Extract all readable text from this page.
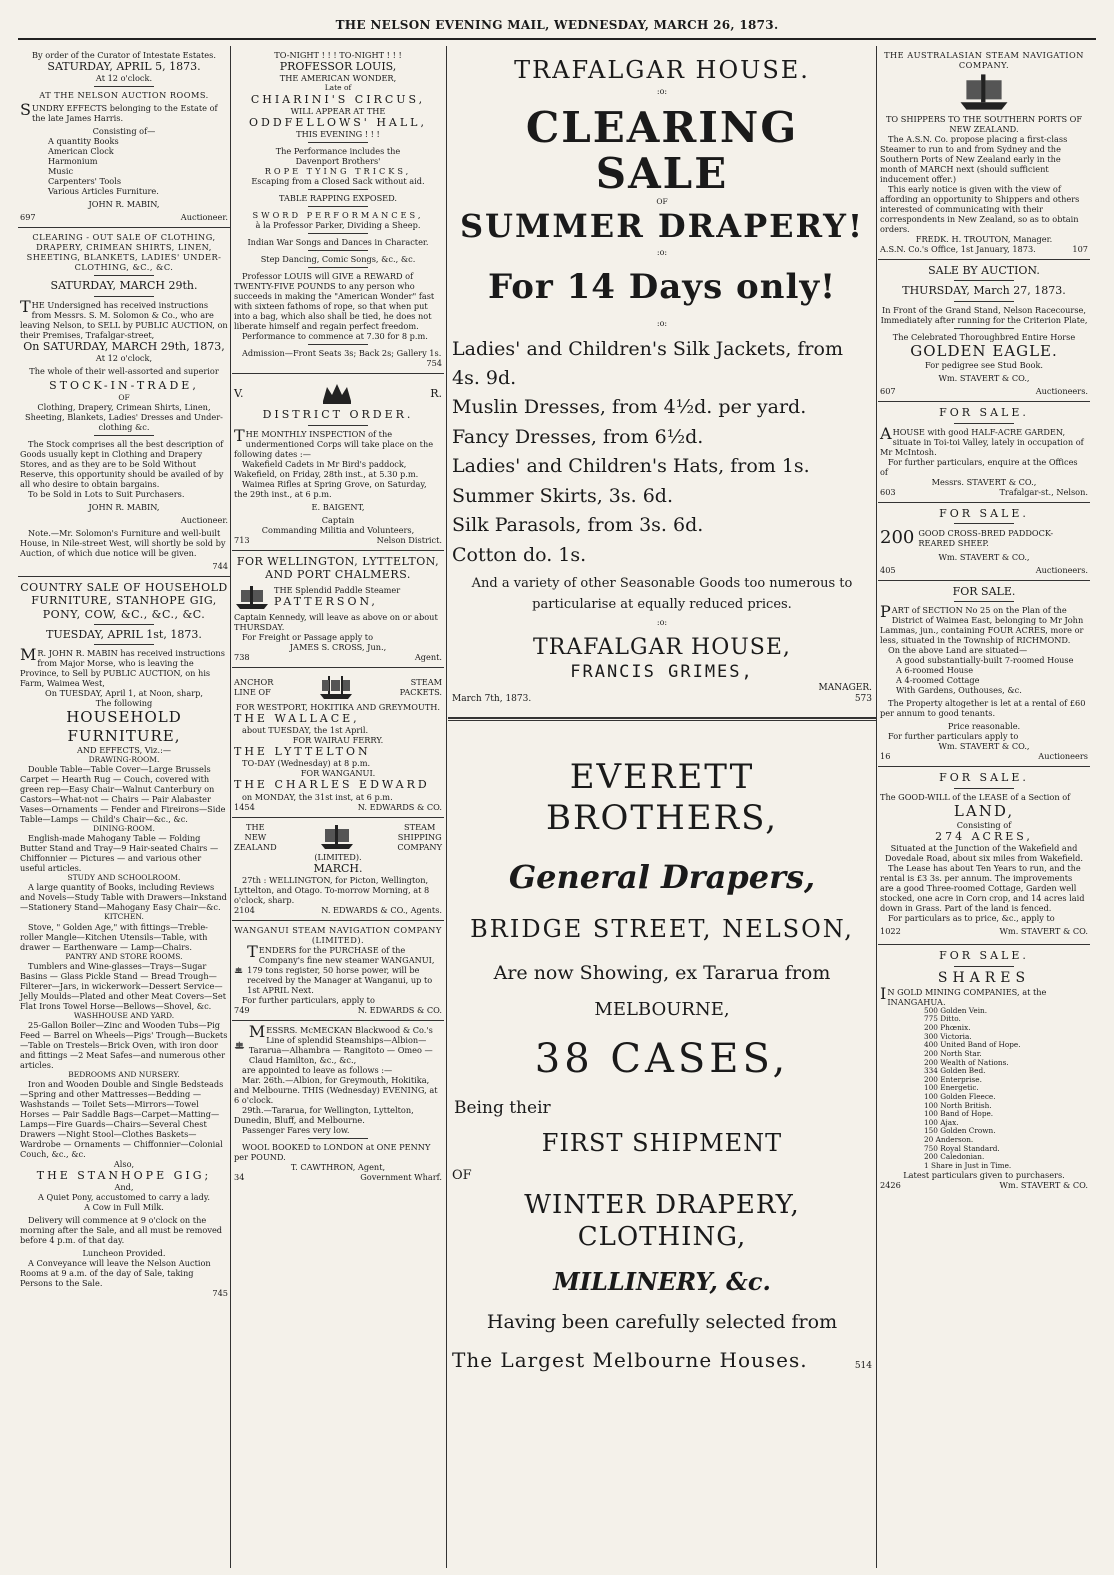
THE NELSON EVENING MAIL, WEDNESDAY, MARCH 26, 1873.
By order of the Curator of Intestate Estates.
SATURDAY, APRIL 5, 1873.
At 12 o'clock.
AT THE NELSON AUCTION ROOMS.
SUNDRY EFFECTS belonging to the Estate of the late James Harris.
Consisting of—
A quantity Books
American Clock
Harmonium
Music
Carpenters' Tools
Various Articles Furniture.
JOHN R. MABIN,
697	Auctioneer.
CLEARING - OUT SALE OF CLOTHING, DRAPERY, CRIMEAN SHIRTS, LINEN, SHEETING, BLANKETS, LADIES' UNDER-CLOTHING, &C., &C.
SATURDAY, MARCH 29th.
THE Undersigned has received instructions from Messrs. S. M. Solomon & Co., who are leaving Nelson, to SELL by PUBLIC AUCTION, on their Premises, Trafalgar-street,
On SATURDAY, MARCH 29th, 1873,
At 12 o'clock,
The whole of their well-assorted and superior
STOCK-IN-TRADE,
OF
Clothing, Drapery, Crimean Shirts, Linen, Sheeting, Blankets, Ladies' Dresses and Under-clothing &c.
The Stock comprises all the best description of Goods usually kept in Clothing and Drapery Stores, and as they are to be Sold Without Reserve, this opportunity should be availed of by all who desire to obtain bargains.
To be Sold in Lots to Suit Purchasers.
JOHN R. MABIN,
Auctioneer.
Note.—Mr. Solomon's Furniture and well-built House, in Nile-street West, will shortly be sold by Auction, of which due notice will be given.
744
COUNTRY SALE OF HOUSEHOLD FURNITURE, STANHOPE GIG, PONY, COW, &C., &C., &C.
TUESDAY, APRIL 1st, 1873.
MR. JOHN R. MABIN has received instructions from Major Morse, who is leaving the Province, to Sell by PUBLIC AUCTION, on his Farm, Waimea West,
On TUESDAY, April 1, at Noon, sharp,
The following
HOUSEHOLD FURNITURE,
AND EFFECTS, Viz.:—
DRAWING-ROOM.
Double Table—Table Cover—Large Brussels Carpet — Hearth Rug — Couch, covered with green rep—Easy Chair—Walnut Canterbury on Castors—What-not — Chairs — Pair Alabaster Vases—Ornaments — Fender and Fireirons—Side Table—Lamps — Child's Chair—&c., &c.
DINING-ROOM.
English-made Mahogany Table — Folding Butter Stand and Tray—9 Hair-seated Chairs — Chiffonnier — Pictures — and various other useful articles.
STUDY AND SCHOOLROOM.
A large quantity of Books, including Reviews and Novels—Study Table with Drawers—Inkstand—Stationery Stand—Mahogany Easy Chair—&c.
KITCHEN.
Stove, " Golden Age," with fittings—Treble-roller Mangle—Kitchen Utensils—Table, with drawer — Earthenware — Lamp—Chairs.
PANTRY AND STORE ROOMS.
Tumblers and Wine-glasses—Trays—Sugar Basins — Glass Pickle Stand — Bread Trough—Filterer—Jars, in wickerwork—Dessert Service—Jelly Moulds—Plated and other Meat Covers—Set Flat Irons Towel Horse—Bellows—Shovel, &c.
WASHHOUSE AND YARD.
25-Gallon Boiler—Zinc and Wooden Tubs—Pig Feed — Barrel on Wheels—Pigs' Trough—Buckets—Table on Trestels—Brick Oven, with iron door and fittings —2 Meat Safes—and numerous other articles.
BEDROOMS AND NURSERY.
Iron and Wooden Double and Single Bedsteads—Spring and other Mattresses—Bedding — Washstands — Toilet Sets—Mirrors—Towel Horses — Pair Saddle Bags—Carpet—Matting—Lamps—Fire Guards—Chairs—Several Chest Drawers —Night Stool—Clothes Baskets—Wardrobe — Ornaments — Chiffonnier—Colonial Couch, &c., &c.
Also,
THE STANHOPE GIG;
And,
A Quiet Pony, accustomed to carry a lady.
A Cow in Full Milk.
Delivery will commence at 9 o'clock on the morning after the Sale, and all must be removed before 4 p.m. of that day.
Luncheon Provided.
A Conveyance will leave the Nelson Auction Rooms at 9 a.m. of the day of Sale, taking Persons to the Sale.
745
TO-NIGHT ! ! ! TO-NIGHT ! ! !
PROFESSOR LOUIS,
THE AMERICAN WONDER,
Late of
CHIARINI'S CIRCUS,
WILL APPEAR AT THE
ODDFELLOWS' HALL,
THIS EVENING ! ! !
The Performance includes the
Davenport Brothers'
ROPE TYING TRICKS,
Escaping from a Closed Sack without aid.
TABLE RAPPING EXPOSED.
SWORD PERFORMANCES,
à la Professor Parker, Dividing a Sheep.
Indian War Songs and Dances in Character.
Step Dancing, Comic Songs, &c., &c.
Professor LOUIS will GIVE a REWARD of TWENTY-FIVE POUNDS to any person who succeeds in making the "American Wonder" fast with sixteen fathoms of rope, so that when put into a bag, which also shall be tied, he does not liberate himself and regain perfect freedom.
Performance to commence at 7.30 for 8 p.m.
Admission—Front Seats 3s; Back 2s; Gallery 1s.
754
V.	R.
DISTRICT ORDER.
THE MONTHLY INSPECTION of the undermentioned Corps will take place on the following dates :—
Wakefield Cadets in Mr Bird's paddock, Wakefield, on Friday, 28th inst., at 5.30 p.m.
Waimea Rifles at Spring Grove, on Saturday, the 29th inst., at 6 p.m.
E. BAIGENT,
Captain
Commanding Militia and Volunteers,
713	Nelson District.
FOR WELLINGTON, LYTTELTON, AND PORT CHALMERS.
THE Splendid Paddle Steamer
PATTERSON,
Captain Kennedy, will leave as above on or about THURSDAY.
For Freight or Passage apply to
JAMES S. CROSS, Jun.,
738	Agent.
ANCHOR
LINE OF
STEAM
PACKETS.
FOR WESTPORT, HOKITIKA AND GREYMOUTH.
THE WALLACE,
about TUESDAY, the 1st April.
FOR WAIRAU FERRY.
THE LYTTELTON
TO-DAY (Wednesday) at 8 p.m.
FOR WANGANUI.
THE CHARLES EDWARD
on MONDAY, the 31st inst, at 6 p.m.
1454	N. EDWARDS & CO.
THE
NEW
ZEALAND
STEAM
SHIPPING
COMPANY
(LIMITED).
MARCH.
27th : WELLINGTON, for Picton, Wellington, Lyttelton, and Otago. To-morrow Morning, at 8 o'clock, sharp.
2104	N. EDWARDS & CO., Agents.
WANGANUI STEAM NAVIGATION COMPANY (LIMITED).
TENDERS for the PURCHASE of the Company's fine new steamer WANGANUI, 179 tons register, 50 horse power, will be received by the Manager at Wanganui, up to 1st APRIL Next.
For further particulars, apply to
749	N. EDWARDS & CO.
MESSRS. McMECKAN Blackwood & Co.'s Line of splendid Steamships—Albion—Tararua—Alhambra — Rangitoto — Omeo — Claud Hamilton, &c., &c.,
are appointed to leave as follows :—
Mar. 26th.—Albion, for Greymouth, Hokitika, and Melbourne. THIS (Wednesday) EVENING, at 6 o'clock.
29th.—Tararua, for Wellington, Lyttelton, Dunedin, Bluff, and Melbourne.
Passenger Fares very low.
WOOL BOOKED to LONDON at ONE PENNY per POUND.
T. CAWTHRON, Agent,
34	Government Wharf.
TRAFALGAR HOUSE.
:o:
CLEARING SALE
OF
SUMMER DRAPERY!
:o:
For 14 Days only!
:o:
Ladies' and Children's Silk Jackets, from 4s. 9d.
Muslin Dresses, from 4½d. per yard.
Fancy Dresses, from 6½d.
Ladies' and Children's Hats, from 1s.
Summer Skirts, 3s. 6d.
Silk Parasols, from 3s. 6d.
Cotton do. 1s.
And a variety of other Seasonable Goods too numerous to particularise at equally reduced prices.
:o:
TRAFALGAR HOUSE,
FRANCIS GRIMES,
MANAGER.
March 7th, 1873.	573
EVERETT BROTHERS,
General Drapers,
BRIDGE STREET, NELSON,
Are now Showing, ex Tararua from
MELBOURNE,
38 CASES,
Being their
FIRST SHIPMENT
OF
WINTER DRAPERY, CLOTHING,
MILLINERY, &c.
Having been carefully selected from
The Largest Melbourne Houses.	514
THE AUSTRALASIAN STEAM NAVIGATION COMPANY.
TO SHIPPERS TO THE SOUTHERN PORTS OF NEW ZEALAND.
The A.S.N. Co. propose placing a first-class Steamer to run to and from Sydney and the Southern Ports of New Zealand early in the month of MARCH next (should sufficient inducement offer.)
This early notice is given with the view of affording an opportunity to Shippers and others interested of communicating with their correspondents in New Zealand, so as to obtain orders.
FREDK. H. TROUTON, Manager.
A.S.N. Co.'s Office, 1st January, 1873.	107
SALE BY AUCTION.
THURSDAY, March 27, 1873.
In Front of the Grand Stand, Nelson Racecourse,
Immediately after running for the Criterion Plate,
The Celebrated Thoroughbred Entire Horse
GOLDEN EAGLE.
For pedigree see Stud Book.
Wm. STAVERT & CO.,
607	Auctioneers.
FOR SALE.
AHOUSE with good HALF-ACRE GARDEN, situate in Toi-toi Valley, lately in occupation of Mr McIntosh.
For further particulars, enquire at the Offices of
Messrs. STAVERT & CO.,
603	Trafalgar-st., Nelson.
FOR SALE.
200 GOOD CROSS-BRED PADDOCK-REARED SHEEP.
Wm. STAVERT & CO.,
405	Auctioneers.
FOR SALE.
PART of SECTION No 25 on the Plan of the District of Waimea East, belonging to Mr John Lammas, jun., containing FOUR ACRES, more or less, situated in the Township of RICHMOND.
On the above Land are situated—
A good substantially-built 7-roomed House
A 6-roomed House
A 4-roomed Cottage
With Gardens, Outhouses, &c.
The Property altogether is let at a rental of £60 per annum to good tenants.
Price reasonable.
For further particulars apply to
Wm. STAVERT & CO.,
16	Auctioneers
FOR SALE.
The GOOD-WILL of the LEASE of a Section of
LAND,
Consisting of
274 ACRES,
Situated at the Junction of the Wakefield and Dovedale Road, about six miles from Wakefield.
The Lease has about Ten Years to run, and the rental is £3 3s. per annum. The improvements are a good Three-roomed Cottage, Garden well stocked, one acre in Corn crop, and 14 acres laid down in Grass. Part of the land is fenced.
For particulars as to price, &c., apply to
1022	Wm. STAVERT & CO.
FOR SALE.
SHARES
IN GOLD MINING COMPANIES, at the INANGAHUA.
500 Golden Vein.
775 Ditto.
200 Phœnix.
300 Victoria.
400 United Band of Hope.
200 North Star.
200 Wealth of Nations.
334 Golden Bed.
200 Enterprise.
100 Energetic.
100 Golden Fleece.
100 North British.
100 Band of Hope.
100 Ajax.
150 Golden Crown.
20 Anderson.
750 Royal Standard.
200 Caledonian.
1 Share in Just in Time.
Latest particulars given to purchasers.
2426	Wm. STAVERT & CO.
